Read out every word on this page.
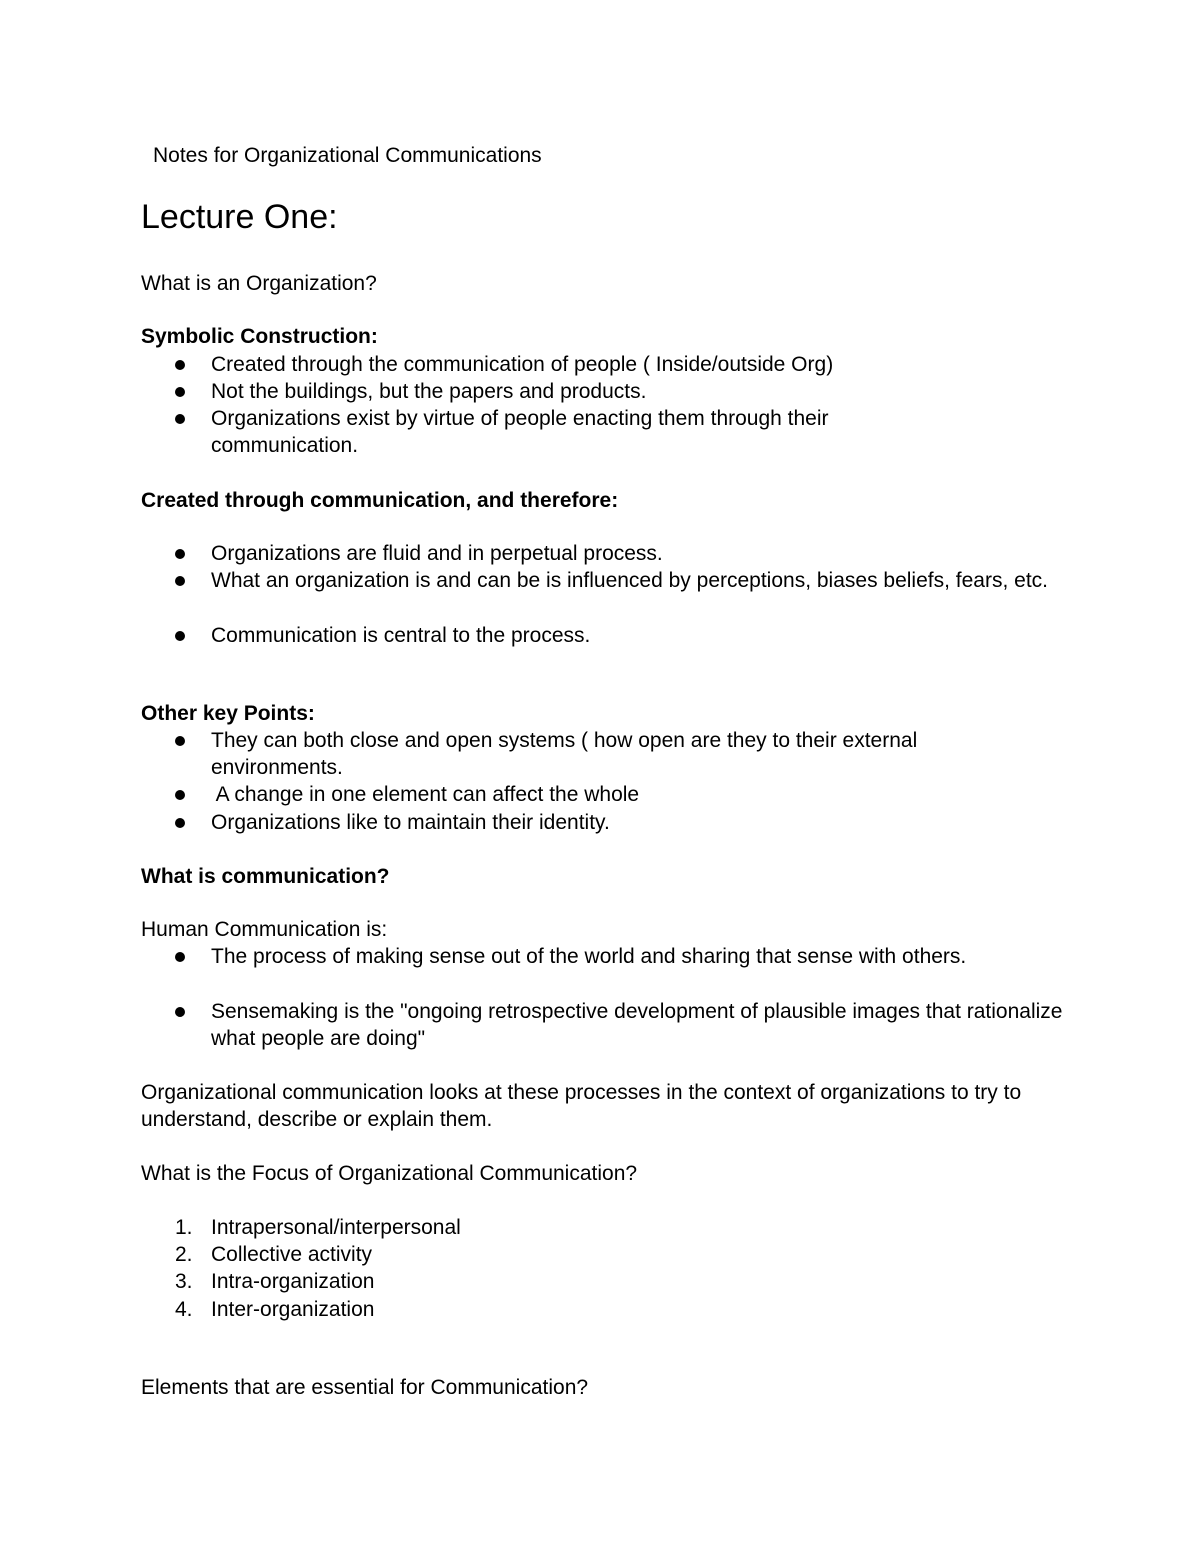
Notes for Organizational Communications
Lecture One:
What is an Organization?
Symbolic Construction:
Created through the communication of people ( Inside/outside Org)
Not the buildings, but the papers and products.
Organizations exist by virtue of people enacting them through their communication.
Created through communication, and therefore:
Organizations are fluid and in perpetual process.
What an organization is and can be is influenced by perceptions, biases beliefs, fears, etc.
Communication is central to the process.
Other key Points:
They can both close and open systems ( how open are they to their external environments.
A change in one element can affect the whole
Organizations like to maintain their identity.
What is communication?
Human Communication is:
The process of making sense out of the world and sharing that sense with others.
Sensemaking is the "ongoing retrospective development of plausible images that rationalize what people are doing"
Organizational communication looks at these processes in the context of organizations to try to understand, describe or explain them.
What is the Focus of Organizational Communication?
1. Intrapersonal/interpersonal
2. Collective activity
3. Intra-organization
4. Inter-organization
Elements that are essential for Communication?
